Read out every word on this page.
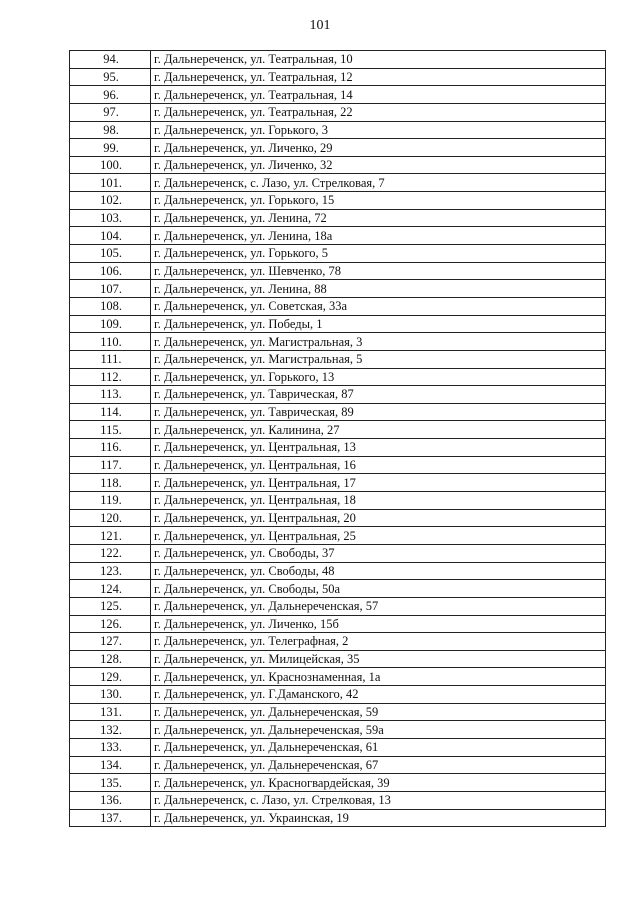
101
94.	г. Дальнереченск, ул. Театральная, 10
95.	г. Дальнереченск, ул. Театральная, 12
96.	г. Дальнереченск, ул. Театральная, 14
97.	г. Дальнереченск, ул. Театральная, 22
98.	г. Дальнереченск, ул. Горького, 3
99.	г. Дальнереченск, ул. Личенко, 29
100.	г. Дальнереченск, ул. Личенко, 32
101.	г. Дальнереченск, с. Лазо, ул. Стрелковая, 7
102.	г. Дальнереченск, ул. Горького, 15
103.	г. Дальнереченск, ул. Ленина, 72
104.	г. Дальнереченск, ул. Ленина, 18а
105.	г. Дальнереченск, ул. Горького, 5
106.	г. Дальнереченск, ул. Шевченко, 78
107.	г. Дальнереченск, ул. Ленина, 88
108.	г. Дальнереченск, ул. Советская, 33а
109.	г. Дальнереченск, ул. Победы, 1
110.	г. Дальнереченск, ул. Магистральная, 3
111.	г. Дальнереченск, ул. Магистральная, 5
112.	г. Дальнереченск, ул. Горького, 13
113.	г. Дальнереченск, ул. Таврическая, 87
114.	г. Дальнереченск, ул. Таврическая, 89
115.	г. Дальнереченск, ул. Калинина, 27
116.	г. Дальнереченск, ул. Центральная, 13
117.	г. Дальнереченск, ул. Центральная, 16
118.	г. Дальнереченск, ул. Центральная, 17
119.	г. Дальнереченск, ул. Центральная, 18
120.	г. Дальнереченск, ул. Центральная, 20
121.	г. Дальнереченск, ул. Центральная, 25
122.	г. Дальнереченск, ул. Свободы, 37
123.	г. Дальнереченск, ул. Свободы, 48
124.	г. Дальнереченск, ул. Свободы, 50а
125.	г. Дальнереченск, ул. Дальнереченская, 57
126.	г. Дальнереченск, ул. Личенко, 15б
127.	г. Дальнереченск, ул. Телеграфная, 2
128.	г. Дальнереченск, ул. Милицейская, 35
129.	г. Дальнереченск, ул. Краснознаменная, 1а
130.	г. Дальнереченск, ул. Г.Даманского, 42
131.	г. Дальнереченск, ул. Дальнереченская, 59
132.	г. Дальнереченск, ул. Дальнереченская, 59а
133.	г. Дальнереченск, ул. Дальнереченская, 61
134.	г. Дальнереченск, ул. Дальнереченская, 67
135.	г. Дальнереченск, ул. Красногвардейская, 39
136.	г. Дальнереченск, с. Лазо, ул. Стрелковая, 13
137.	г. Дальнереченск, ул. Украинская, 19
